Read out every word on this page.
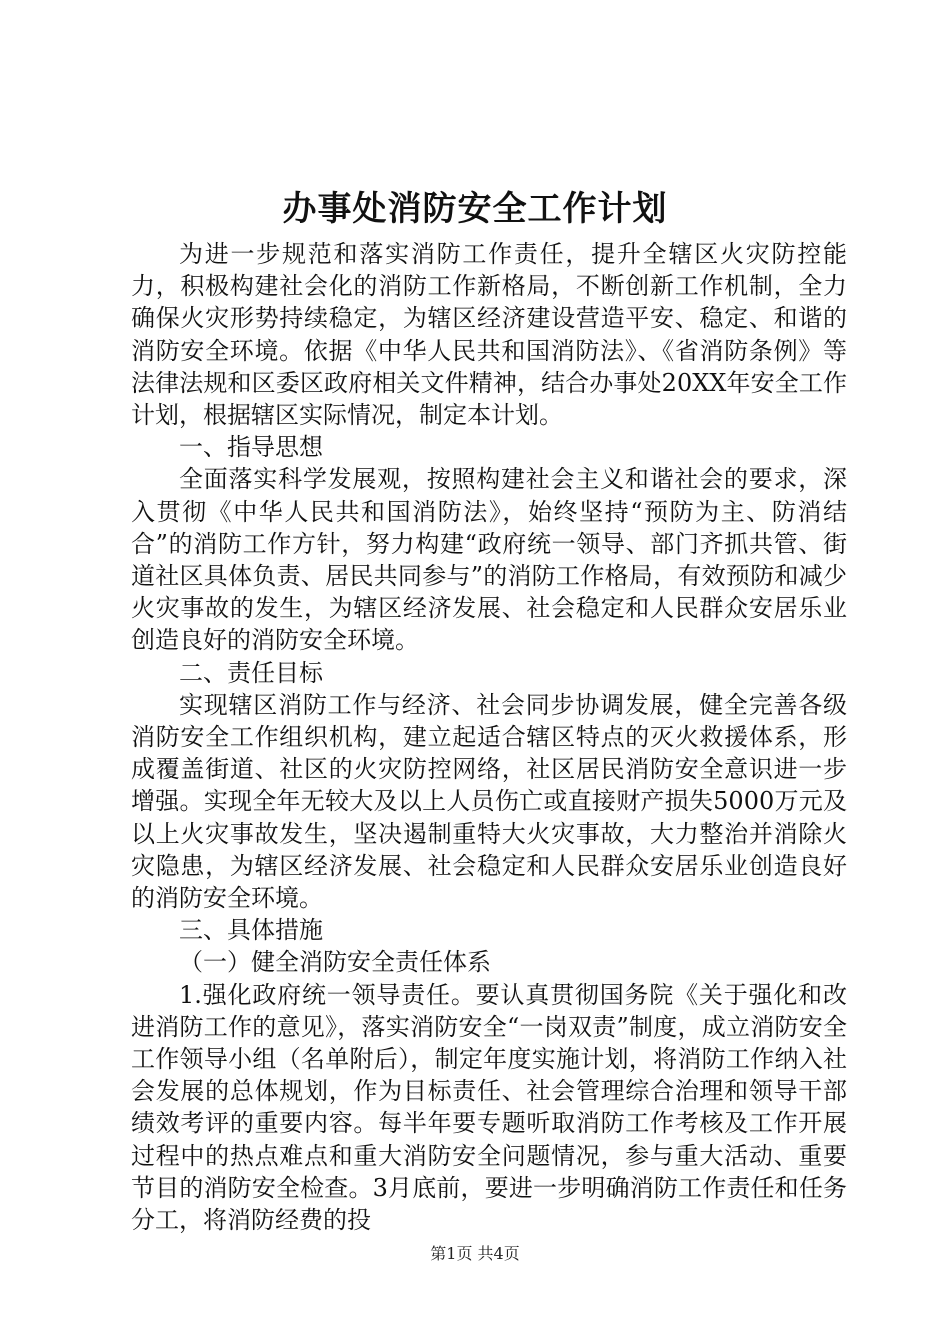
办事处消防安全工作计划

为进一步规范和落实消防工作责任，提升全辖区火灾防控能力，积极构建社会化的消防工作新格局，不断创新工作机制，全力确保火灾形势持续稳定，为辖区经济建设营造平安、稳定、和谐的消防安全环境。依据《中华人民共和国消防法》、《省消防条例》等法律法规和区委区政府相关文件精神，结合办事处20XX年安全工作计划，根据辖区实际情况，制定本计划。

一、指导思想

全面落实科学发展观，按照构建社会主义和谐社会的要求，深入贯彻《中华人民共和国消防法》，始终坚持“预防为主、防消结合”的消防工作方针，努力构建“政府统一领导、部门齐抓共管、街道社区具体负责、居民共同参与”的消防工作格局，有效预防和减少火灾事故的发生，为辖区经济发展、社会稳定和人民群众安居乐业创造良好的消防安全环境。

二、责任目标

实现辖区消防工作与经济、社会同步协调发展，健全完善各级消防安全工作组织机构，建立起适合辖区特点的灭火救援体系，形成覆盖街道、社区的火灾防控网络，社区居民消防安全意识进一步增强。实现全年无较大及以上人员伤亡或直接财产损失5000万元及以上火灾事故发生，坚决遏制重特大火灾事故，大力整治并消除火灾隐患，为辖区经济发展、社会稳定和人民群众安居乐业创造良好的消防安全环境。

三、具体措施

（一）健全消防安全责任体系

1.强化政府统一领导责任。要认真贯彻国务院《关于强化和改进消防工作的意见》，落实消防安全“一岗双责”制度，成立消防安全工作领导小组（名单附后），制定年度实施计划，将消防工作纳入社会发展的总体规划，作为目标责任、社会管理综合治理和领导干部绩效考评的重要内容。每半年要专题听取消防工作考核及工作开展过程中的热点难点和重大消防安全问题情况，参与重大活动、重要节目的消防安全检查。3月底前，要进一步明确消防工作责任和任务分工，将消防经费的投

第1页 共4页
